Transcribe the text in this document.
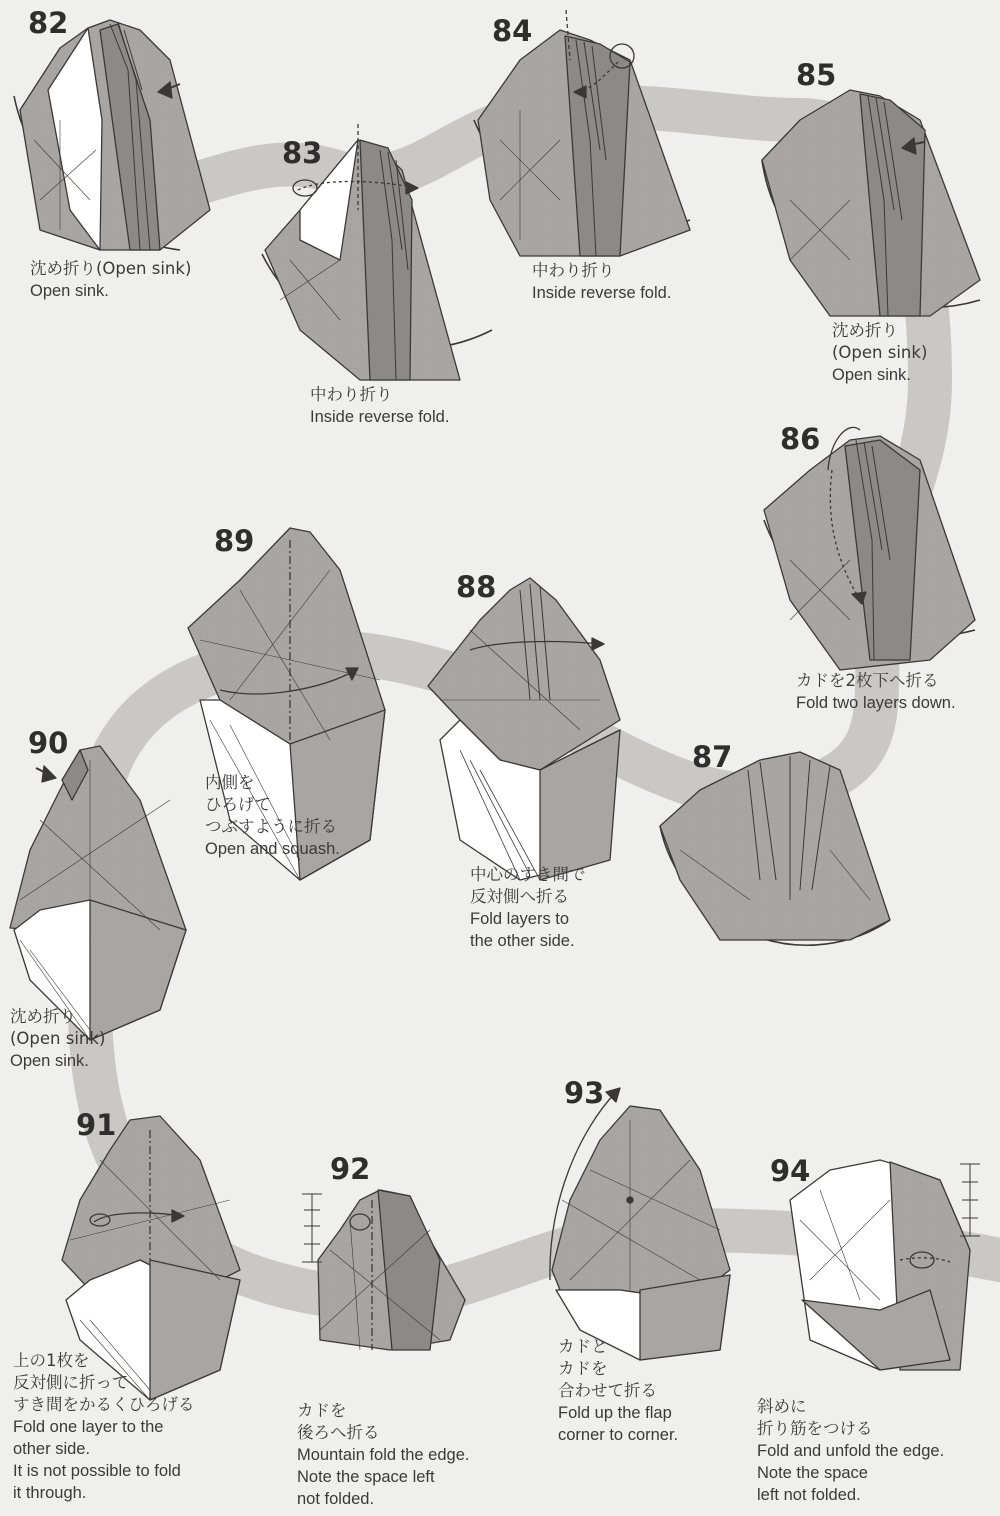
82
沈め折り(Open sink)
Open sink.
83
中わり折り
Inside reverse fold.
84
中わり折り
Inside reverse fold.
85
沈め折り
(Open sink)
Open sink.
86
カドを2枚下へ折る
Fold two layers down.
87
88
中心のすき間で
反対側へ折る
Fold layers to
the other side.
89
内側を
ひろげて
つぶすように折る
Open and squash.
90
沈め折り
(Open sink)
Open sink.
91
上の1枚を
反対側に折って
すき間をかるくひろげる
Fold one layer to the
other side.
It is not possible to fold
it through.
92
カドを
後ろへ折る
Mountain fold the edge.
Note the space left
not folded.
93
カドと
カドを
合わせて折る
Fold up the flap
corner to corner.
94
斜めに
折り筋をつける
Fold and unfold the edge.
Note the space
left not folded.
